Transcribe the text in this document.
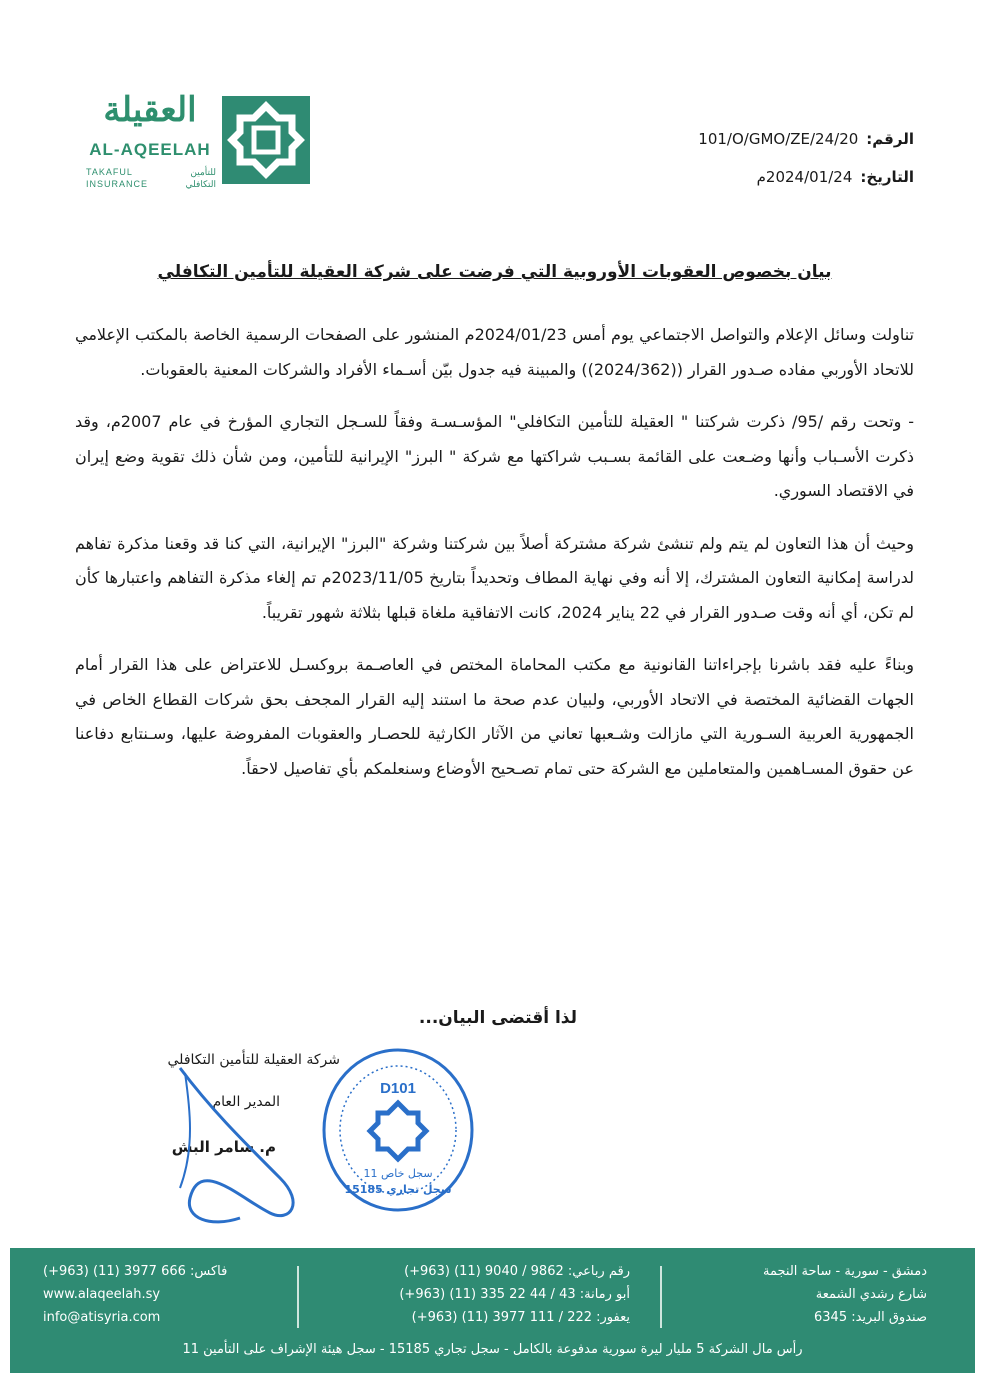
العقيلة
AL-AQEELAH
TAKAFUL
INSURANCE
للتأمين
التكافلي
الرقم:101/O/GMO/ZE/24/20
التاريخ:2024/01/24م
بيان بخصوص العقوبات الأوروبية التي فرضت على شركة العقيلة للتأمين التكافلي

تناولت وسائل الإعلام والتواصل الاجتماعي يوم أمس 2024/01/23م المنشور على الصفحات الرسمية الخاصة بالمكتب الإعلامي للاتحاد الأوربي مفاده صـدور القرار ((2024/362)) والمبينة فيه جدول بيّن أسـماء الأفراد والشركات المعنية بالعقوبات.

- وتحت رقم /95/ ذكرت شركتنا " العقيلة للتأمين التكافلي" المؤسـسـة وفقاً للسـجل التجاري المؤرخ في عام 2007م، وقد ذكرت الأسـباب وأنها وضـعت على القائمة بسـبب شراكتها مع شركة " البرز" الإيرانية للتأمين، ومن شأن ذلك تقوية وضع إيران في الاقتصاد السوري.

وحيث أن هذا التعاون لم يتم ولم تنشئ شركة مشتركة أصلاً بين شركتنا وشركة "البرز" الإيرانية، التي كنا قد وقعنا مذكرة تفاهم لدراسة إمكانية التعاون المشترك، إلا أنه وفي نهاية المطاف وتحديداً بتاريخ 2023/11/05م تم إلغاء مذكرة التفاهم واعتبارها كأن لم تكن، أي أنه وقت صـدور القرار في 22 يناير 2024، كانت الاتفاقية ملغاة قبلها بثلاثة شهور تقريباً.

وبناءً عليه فقد باشرنا بإجراءاتنا القانونية مع مكتب المحاماة المختص في العاصـمة بروكسـل للاعتراض على هذا القرار أمام الجهات القضائية المختصة في الاتحاد الأوربي، ولبيان عدم صحة ما استند إليه القرار المجحف بحق شركات القطاع الخاص في الجمهورية العربية السـورية التي مازالت وشـعبها تعاني من الآثار الكارثية للحصـار والعقوبات المفروضة عليها، وسـنتابع دفاعنا عن حقوق المسـاهمين والمتعاملين مع الشركة حتى تمام تصـحيح الأوضاع وسنعلمكم بأي تفاصيل لاحقاً.

لذا أقتضى البيان...
شركة العقيلة للتأمين التكافلي
المدير العام
م. سامر البش
D101
سجل خاص 11
سجل تجاري 15185
فاكس: 666 3977 (11) (963+)
www.alaqeelah.sy
info@atisyria.com
رقم رباعي: 9862 / 9040 (11) (963+)
أبو رمانة: 43 / 44 22 335 (11) (963+)
يعفور: 222 / 111 3977 (11) (963+)
دمشق - سورية - ساحة النجمة
شارع رشدي الشمعة
صندوق البريد: 6345
رأس مال الشركة 5 مليار ليرة سورية مدفوعة بالكامل - سجل تجاري 15185 - سجل هيئة الإشراف على التأمين 11
